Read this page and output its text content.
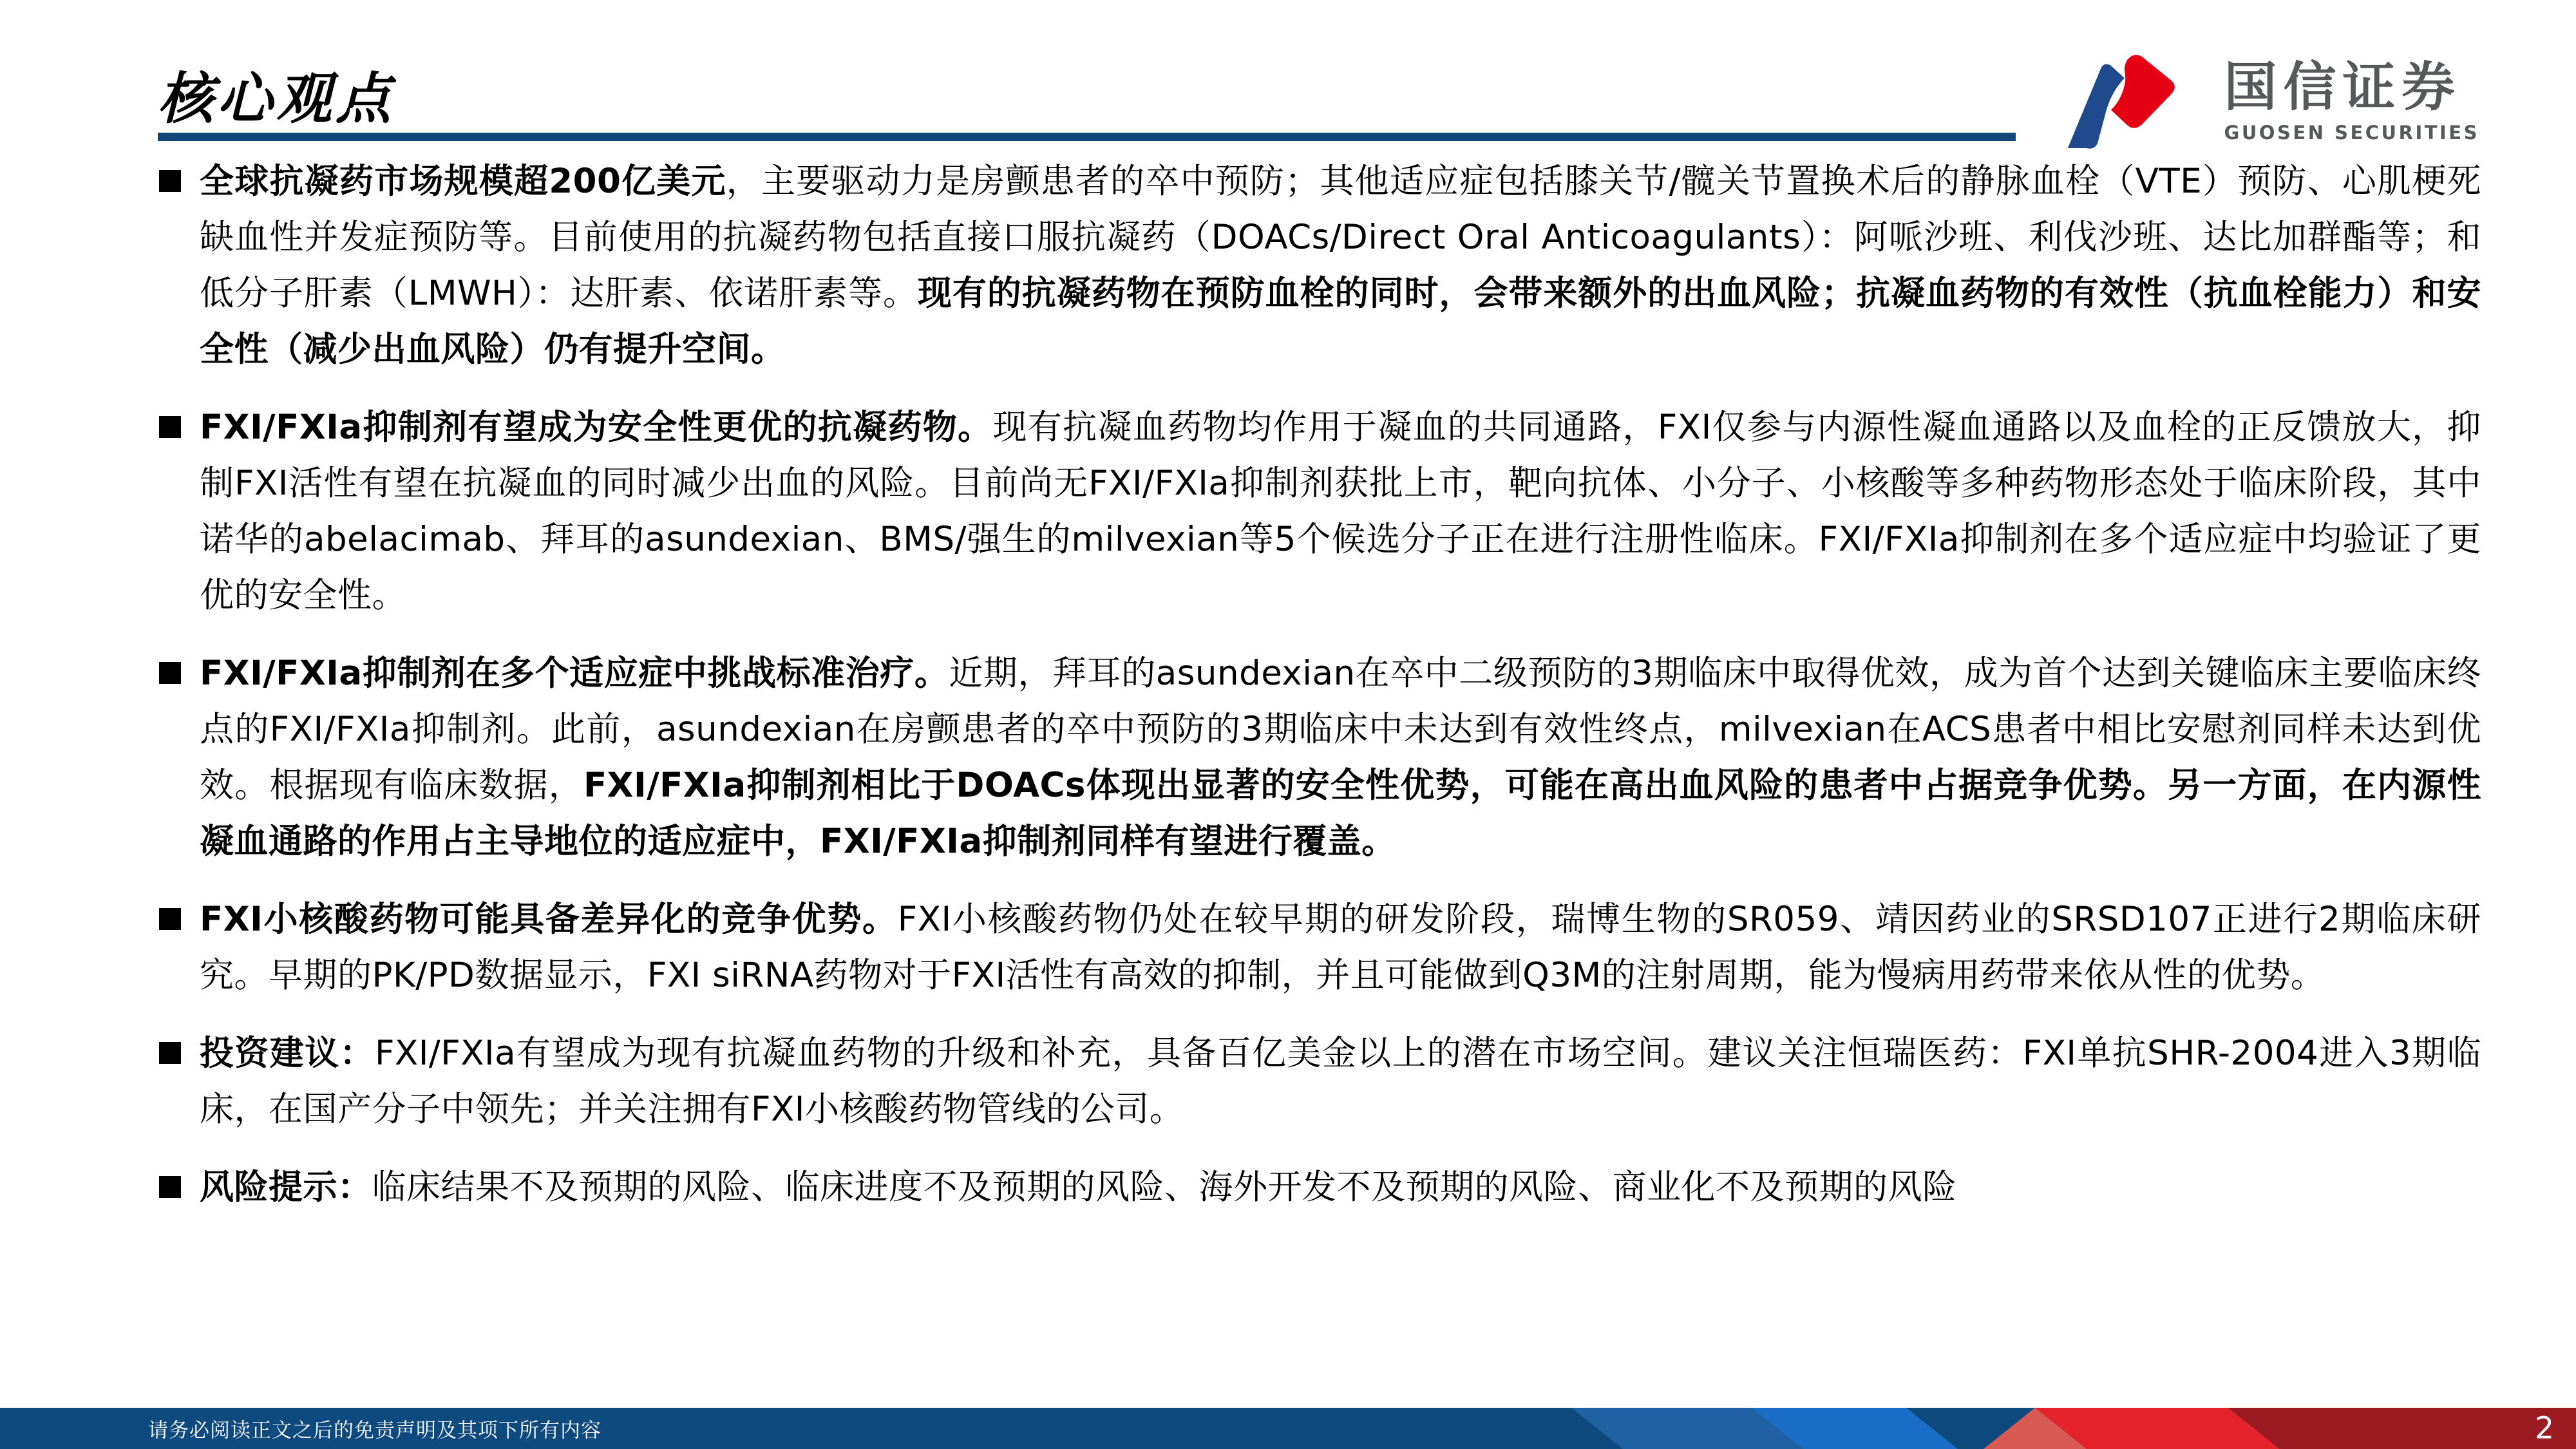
核心观点	国信证券
GUOSEN SECURITIES
全球抗凝药市场规模超200亿美元，主要驱动力是房颤患者的卒中预防；其他适应症包括膝关节/髋关节置换术后的静脉血栓（VTE）预防、心肌梗死缺血性并发症预防等。目前使用的抗凝药物包括直接口服抗凝药（DOACs/Direct Oral Anticoagulants）：阿哌沙班、利伐沙班、达比加群酯等；和低分子肝素（LMWH）：达肝素、依诺肝素等。现有的抗凝药物在预防血栓的同时，会带来额外的出血风险；抗凝血药物的有效性（抗血栓能力）和安全性（减少出血风险）仍有提升空间。
FXI/FXIa抑制剂有望成为安全性更优的抗凝药物。现有抗凝血药物均作用于凝血的共同通路，FXI仅参与内源性凝血通路以及血栓的正反馈放大，抑制FXI活性有望在抗凝血的同时减少出血的风险。目前尚无FXI/FXIa抑制剂获批上市，靶向抗体、小分子、小核酸等多种药物形态处于临床阶段，其中诺华的abelacimab、拜耳的asundexian、BMS/强生的milvexian等5个候选分子正在进行注册性临床。FXI/FXIa抑制剂在多个适应症中均验证了更优的安全性。
FXI/FXIa抑制剂在多个适应症中挑战标准治疗。近期，拜耳的asundexian在卒中二级预防的3期临床中取得优效，成为首个达到关键临床主要临床终点的FXI/FXIa抑制剂。此前，asundexian在房颤患者的卒中预防的3期临床中未达到有效性终点，milvexian在ACS患者中相比安慰剂同样未达到优效。根据现有临床数据，FXI/FXIa抑制剂相比于DOACs体现出显著的安全性优势，可能在高出血风险的患者中占据竞争优势。另一方面，在内源性凝血通路的作用占主导地位的适应症中，FXI/FXIa抑制剂同样有望进行覆盖。
FXI小核酸药物可能具备差异化的竞争优势。FXI小核酸药物仍处在较早期的研发阶段，瑞博生物的SR059、靖因药业的SRSD107正进行2期临床研究。早期的PK/PD数据显示，FXI siRNA药物对于FXI活性有高效的抑制，并且可能做到Q3M的注射周期，能为慢病用药带来依从性的优势。
投资建议：FXI/FXIa有望成为现有抗凝血药物的升级和补充，具备百亿美金以上的潜在市场空间。建议关注恒瑞医药：FXI单抗SHR-2004进入3期临床，在国产分子中领先；并关注拥有FXI小核酸药物管线的公司。
风险提示：临床结果不及预期的风险、临床进度不及预期的风险、海外开发不及预期的风险、商业化不及预期的风险
请务必阅读正文之后的免责声明及其项下所有内容	2
